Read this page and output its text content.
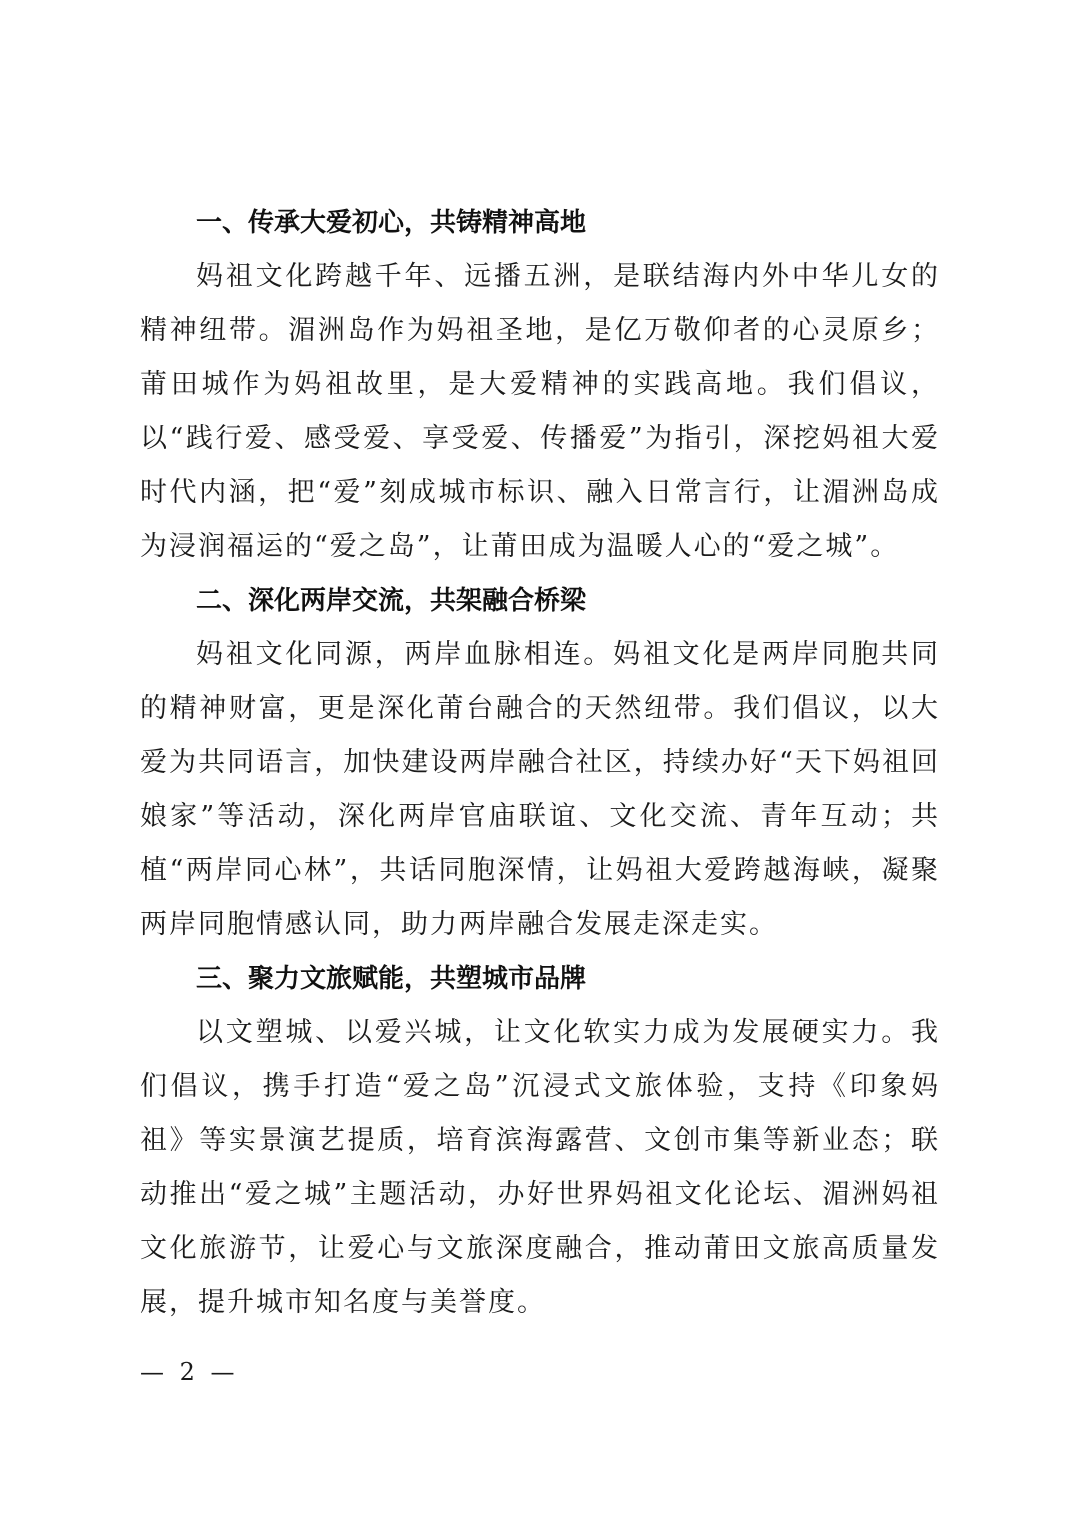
一、传承大爱初心，共铸精神高地

妈祖文化跨越千年、远播五洲，是联结海内外中华儿女的精神纽带。湄洲岛作为妈祖圣地，是亿万敬仰者的心灵原乡；莆田城作为妈祖故里，是大爱精神的实践高地。我们倡议，以“践行爱、感受爱、享受爱、传播爱”为指引，深挖妈祖大爱时代内涵，把“爱”刻成城市标识、融入日常言行，让湄洲岛成为浸润福运的“爱之岛”，让莆田成为温暖人心的“爱之城”。

二、深化两岸交流，共架融合桥梁

妈祖文化同源，两岸血脉相连。妈祖文化是两岸同胞共同的精神财富，更是深化莆台融合的天然纽带。我们倡议，以大爱为共同语言，加快建设两岸融合社区，持续办好“天下妈祖回娘家”等活动，深化两岸官庙联谊、文化交流、青年互动；共植“两岸同心林”，共话同胞深情，让妈祖大爱跨越海峡，凝聚两岸同胞情感认同，助力两岸融合发展走深走实。

三、聚力文旅赋能，共塑城市品牌

以文塑城、以爱兴城，让文化软实力成为发展硬实力。我们倡议，携手打造“爱之岛”沉浸式文旅体验，支持《印象妈祖》等实景演艺提质，培育滨海露营、文创市集等新业态；联动推出“爱之城”主题活动，办好世界妈祖文化论坛、湄洲妈祖文化旅游节，让爱心与文旅深度融合，推动莆田文旅高质量发展，提升城市知名度与美誉度。

— 2 —
